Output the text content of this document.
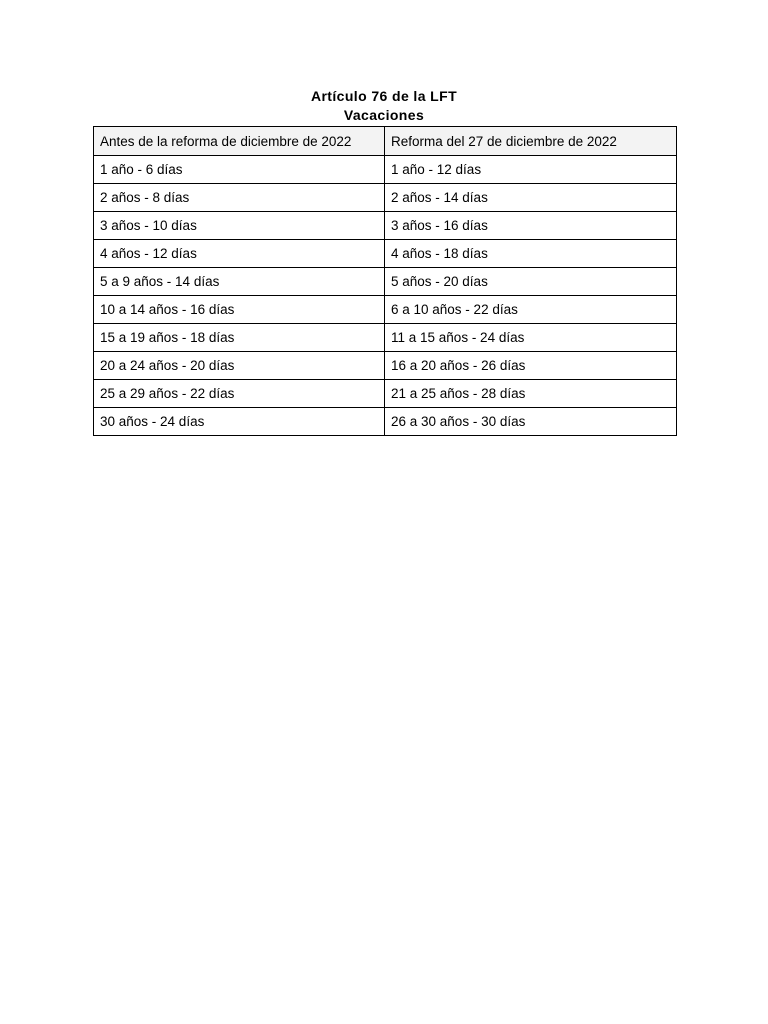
Artículo 76 de la LFT
Vacaciones
Antes de la reforma de diciembre de 2022	Reforma del 27 de diciembre de 2022
1 año - 6 días	1 año - 12 días
2 años - 8 días	2 años - 14 días
3 años - 10 días	3 años - 16 días
4 años - 12 días	4 años - 18 días
5 a 9 años - 14 días	5 años - 20 días
10 a 14 años - 16 días	6 a 10 años - 22 días
15 a 19 años - 18 días	11 a 15 años - 24 días
20 a 24 años - 20 días	16 a 20 años - 26 días
25 a 29 años - 22 días	21 a 25 años - 28 días
30 años - 24 días	26 a 30 años - 30 días
